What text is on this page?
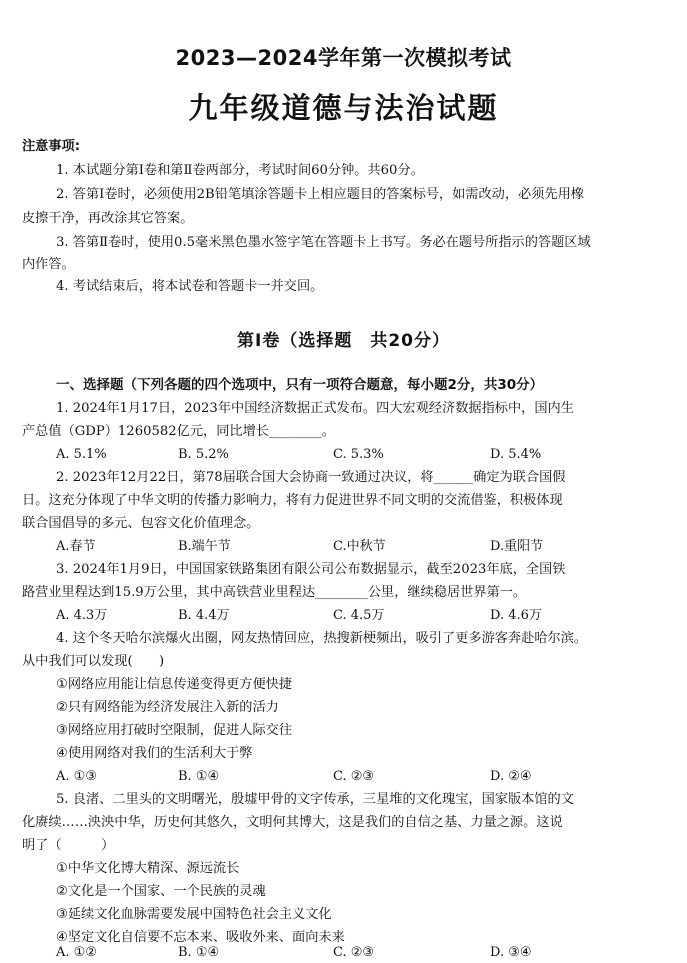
2023—2024学年第一次模拟考试
九年级道德与法治试题
注意事项:
1. 本试题分第Ⅰ卷和第Ⅱ卷两部分，考试时间60分钟。共60分。
2. 答第Ⅰ卷时，必须使用2B铅笔填涂答题卡上相应题目的答案标号，如需改动，必须先用橡
皮擦干净，再改涂其它答案。
3. 答第Ⅱ卷时，使用0.5毫米黑色墨水签字笔在答题卡上书写。务必在题号所指示的答题区域
内作答。
4. 考试结束后，将本试卷和答题卡一并交回。
第Ⅰ卷（选择题　共20分）
一、选择题（下列各题的四个选项中，只有一项符合题意，每小题2分，共30分）
1. 2024年1月17日，2023年中国经济数据正式发布。四大宏观经济数据指标中，国内生
产总值（GDP）1260582亿元，同比增长________。
A. 5.1%	B. 5.2%	C. 5.3%	D. 5.4%
2. 2023年12月22日，第78届联合国大会协商一致通过决议，将______确定为联合国假
日。这充分体现了中华文明的传播力影响力，将有力促进世界不同文明的交流借鉴，积极体现
联合国倡导的多元、包容文化价值理念。
A.春节	B.端午节	C.中秋节	D.重阳节
3. 2024年1月9日，中国国家铁路集团有限公司公布数据显示，截至2023年底，全国铁
路营业里程达到15.9万公里，其中高铁营业里程达________公里，继续稳居世界第一。
A. 4.3万	B. 4.4万	C. 4.5万	D. 4.6万
4. 这个冬天哈尔滨爆火出圈，网友热情回应，热搜新梗频出，吸引了更多游客奔赴哈尔滨。
从中我们可以发现(　　)
①网络应用能让信息传递变得更方便快捷
②只有网络能为经济发展注入新的活力
③网络应用打破时空限制，促进人际交往
④使用网络对我们的生活利大于弊
A. ①③	B. ①④	C. ②③	D. ②④
5. 良渚、二里头的文明曙光，殷墟甲骨的文字传承，三星堆的文化瑰宝，国家版本馆的文
化赓续……泱泱中华，历史何其悠久，文明何其博大，这是我们的自信之基、力量之源。这说
明了（　　　）
①中华文化博大精深、源远流长
②文化是一个国家、一个民族的灵魂
③延续文化血脉需要发展中国特色社会主义文化
④坚定文化自信要不忘本来、吸收外来、面向未来
A. ①②	B. ①④	C. ②③	D. ③④
